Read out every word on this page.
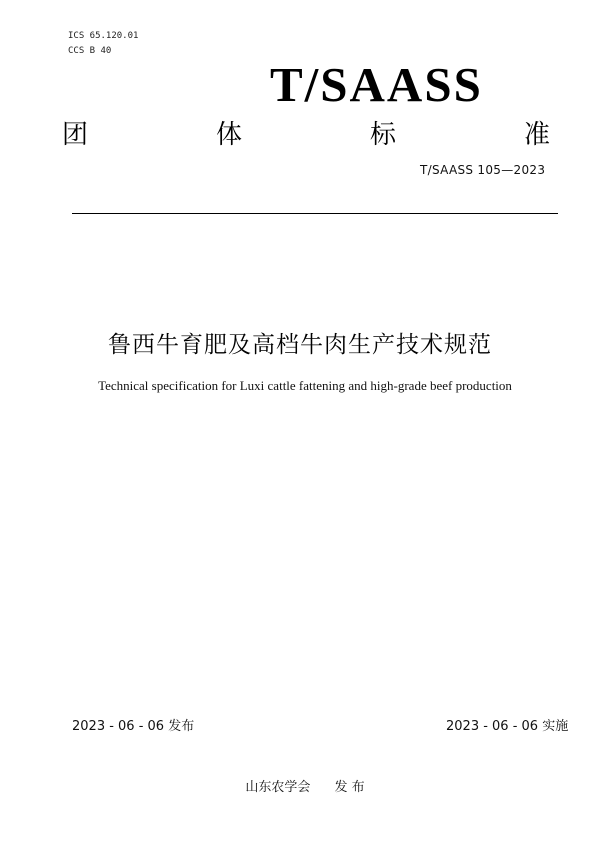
ICS 65.120.01
CCS B 40
T/SAASS
团	体	标	准
T/SAASS 105—2023
鲁西牛育肥及高档牛肉生产技术规范
Technical specification for Luxi cattle fattening and high-grade beef production
2023 - 06 - 06 发布	2023 - 06 - 06 实施
山东农学会 发 布
